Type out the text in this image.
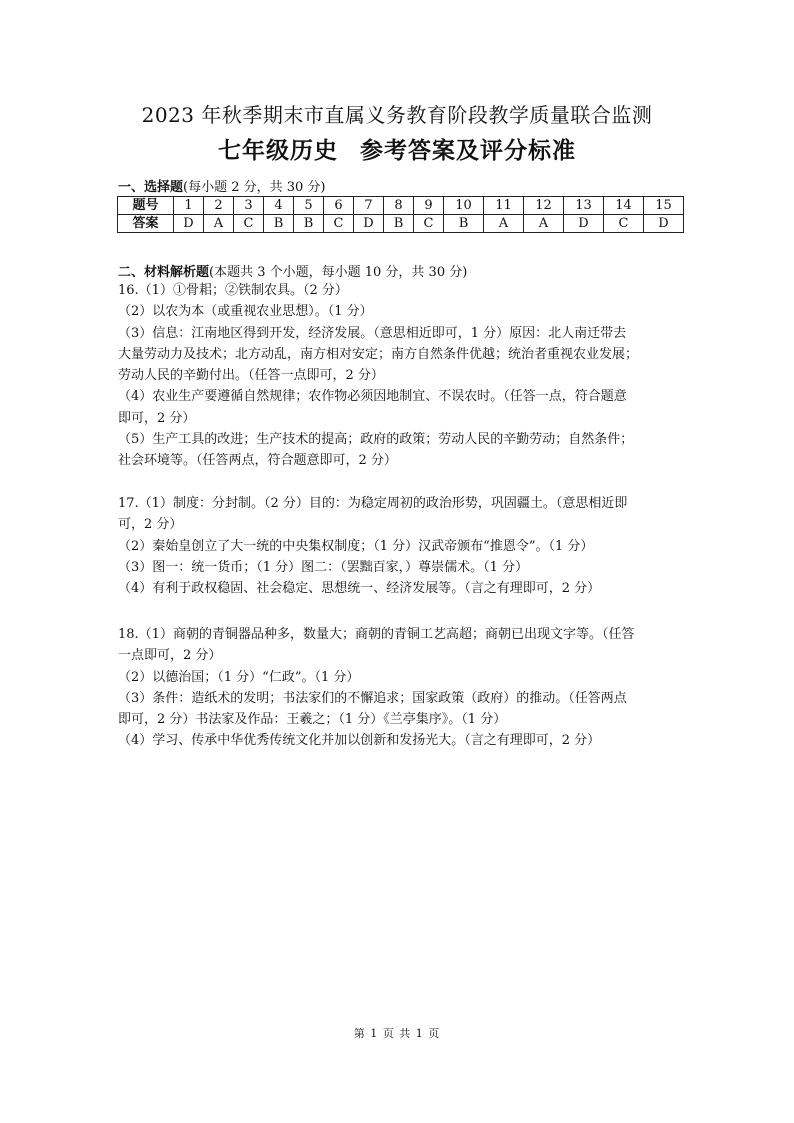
2023 年秋季期末市直属义务教育阶段教学质量联合监测
七年级历史 参考答案及评分标准
一、选择题(每小题 2 分，共 30 分)
题号	1	2	3	4	5	6	7	8	9	10	11	12	13	14	15
答案	D	A	C	B	B	C	D	B	C	B	A	A	D	C	D
二、材料解析题(本题共 3 个小题，每小题 10 分，共 30 分)

16.（1）①骨耜；②铁制农具。（2 分）

（2）以农为本（或重视农业思想）。（1 分）

（3）信息：江南地区得到开发，经济发展。（意思相近即可，1 分）原因：北人南迁带去

大量劳动力及技术；北方动乱，南方相对安定；南方自然条件优越；统治者重视农业发展；

劳动人民的辛勤付出。（任答一点即可，2 分）

（4）农业生产要遵循自然规律；农作物必须因地制宜、不误农时。（任答一点，符合题意

即可，2 分）

（5）生产工具的改进；生产技术的提高；政府的政策；劳动人民的辛勤劳动；自然条件；

社会环境等。（任答两点，符合题意即可，2 分）

17.（1）制度：分封制。（2 分）目的：为稳定周初的政治形势，巩固疆土。（意思相近即

可，2 分）

（2）秦始皇创立了大一统的中央集权制度；（1 分）汉武帝颁布“推恩令”。（1 分）

（3）图一：统一货币；（1 分）图二：（罢黜百家，）尊崇儒术。（1 分）

（4）有利于政权稳固、社会稳定、思想统一、经济发展等。（言之有理即可，2 分）

18.（1）商朝的青铜器品种多，数量大；商朝的青铜工艺高超；商朝已出现文字等。（任答

一点即可，2 分）

（2）以德治国；（1 分）“仁政”。（1 分）

（3）条件：造纸术的发明；书法家们的不懈追求；国家政策（政府）的推动。（任答两点

即可，2 分）书法家及作品：王羲之；（1 分）《兰亭集序》。（1 分）

（4）学习、传承中华优秀传统文化并加以创新和发扬光大。（言之有理即可，2 分）

第 1 页 共 1 页
